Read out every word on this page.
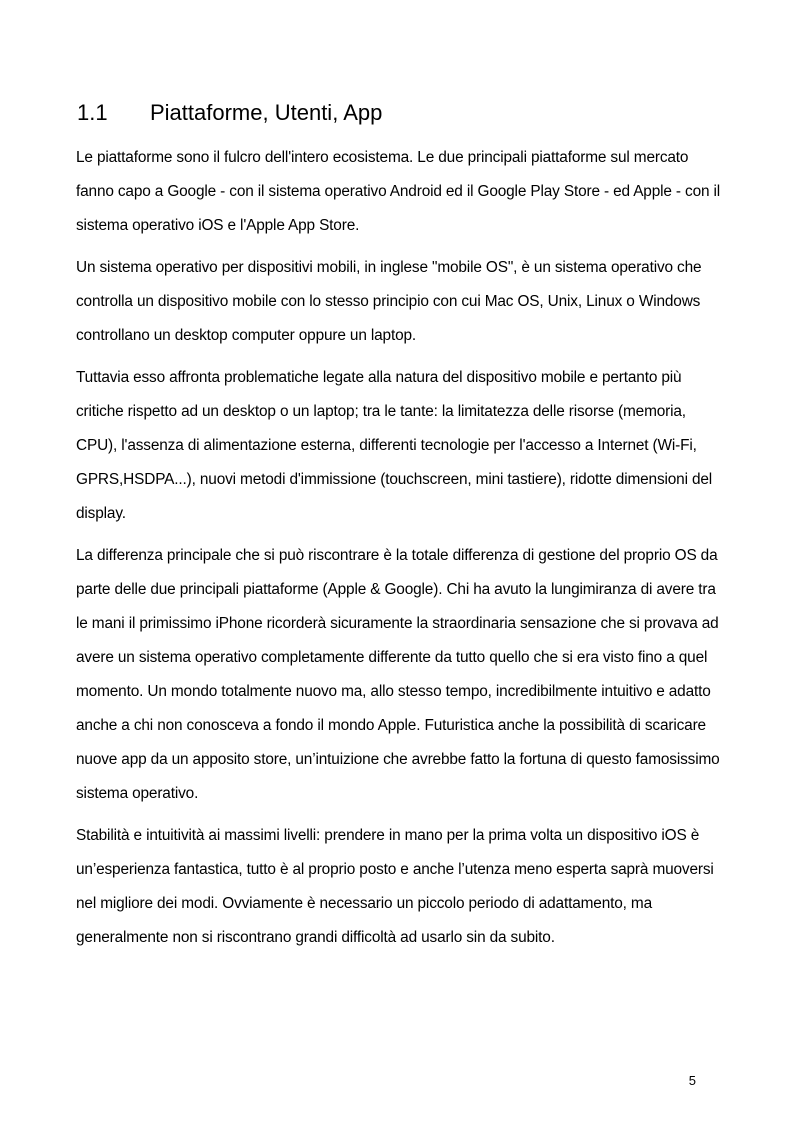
1.1 Piattaforme, Utenti, App

Le piattaforme sono il fulcro dell'intero ecosistema. Le due principali piattaforme sul mercato fanno capo a Google - con il sistema operativo Android ed il Google Play Store - ed Apple - con il sistema operativo iOS e l'Apple App Store.

Un sistema operativo per dispositivi mobili, in inglese "mobile OS", è un sistema operativo che controlla un dispositivo mobile con lo stesso principio con cui Mac OS, Unix, Linux o Windows controllano un desktop computer oppure un laptop.

Tuttavia esso affronta problematiche legate alla natura del dispositivo mobile e pertanto più critiche rispetto ad un desktop o un laptop; tra le tante: la limitatezza delle risorse (memoria, CPU), l'assenza di alimentazione esterna, differenti tecnologie per l'accesso a Internet (Wi-Fi, GPRS,HSDPA...), nuovi metodi d'immissione (touchscreen, mini tastiere), ridotte dimensioni del display.

La differenza principale che si può riscontrare è la totale differenza di gestione del proprio OS da parte delle due principali piattaforme (Apple & Google). Chi ha avuto la lungimiranza di avere tra le mani il primissimo iPhone ricorderà sicuramente la straordinaria sensazione che si provava ad avere un sistema operativo completamente differente da tutto quello che si era visto fino a quel momento. Un mondo totalmente nuovo ma, allo stesso tempo, incredibilmente intuitivo e adatto anche a chi non conosceva a fondo il mondo Apple. Futuristica anche la possibilità di scaricare nuove app da un apposito store, un’intuizione che avrebbe fatto la fortuna di questo famosissimo sistema operativo.

Stabilità e intuitività ai massimi livelli: prendere in mano per la prima volta un dispositivo iOS è un’esperienza fantastica, tutto è al proprio posto e anche l’utenza meno esperta saprà muoversi nel migliore dei modi. Ovviamente è necessario un piccolo periodo di adattamento, ma generalmente non si riscontrano grandi difficoltà ad usarlo sin da subito.

5
